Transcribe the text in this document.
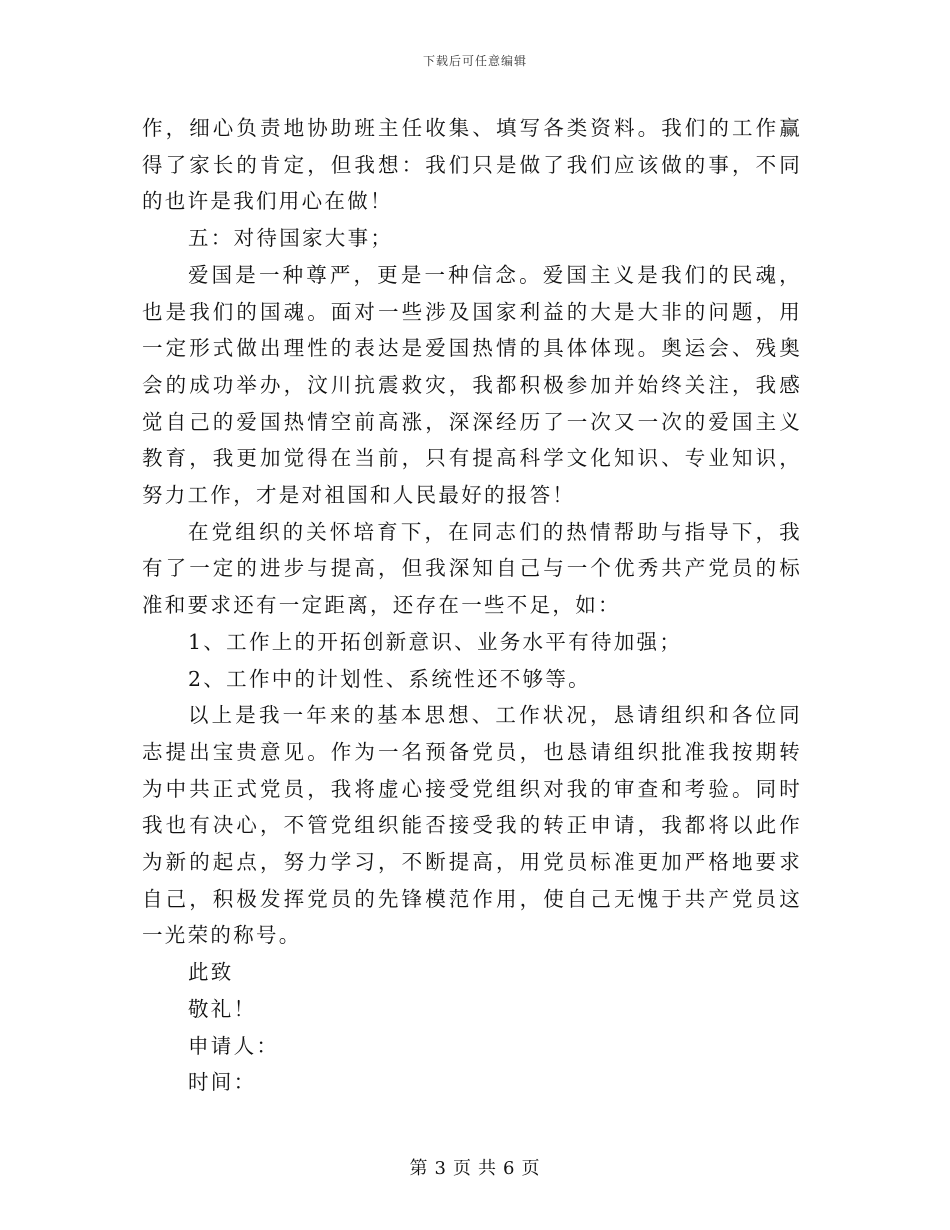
下载后可任意编辑

作，细心负责地协助班主任收集、填写各类资料。我们的工作赢得了家长的肯定，但我想：我们只是做了我们应该做的事，不同的也许是我们用心在做！

五：对待国家大事；

爱国是一种尊严，更是一种信念。爱国主义是我们的民魂，也是我们的国魂。面对一些涉及国家利益的大是大非的问题，用一定形式做出理性的表达是爱国热情的具体体现。奥运会、残奥会的成功举办，汶川抗震救灾，我都积极参加并始终关注，我感觉自己的爱国热情空前高涨，深深经历了一次又一次的爱国主义教育，我更加觉得在当前，只有提高科学文化知识、专业知识，努力工作，才是对祖国和人民最好的报答！

在党组织的关怀培育下，在同志们的热情帮助与指导下，我有了一定的进步与提高，但我深知自己与一个优秀共产党员的标准和要求还有一定距离，还存在一些不足，如：

1、工作上的开拓创新意识、业务水平有待加强；

2、工作中的计划性、系统性还不够等。

以上是我一年来的基本思想、工作状况，恳请组织和各位同志提出宝贵意见。作为一名预备党员，也恳请组织批准我按期转为中共正式党员，我将虚心接受党组织对我的审查和考验。同时我也有决心，不管党组织能否接受我的转正申请，我都将以此作为新的起点，努力学习，不断提高，用党员标准更加严格地要求自己，积极发挥党员的先锋模范作用，使自己无愧于共产党员这一光荣的称号。

此致

敬礼！

申请人：

时间：

第 3 页 共 6 页
